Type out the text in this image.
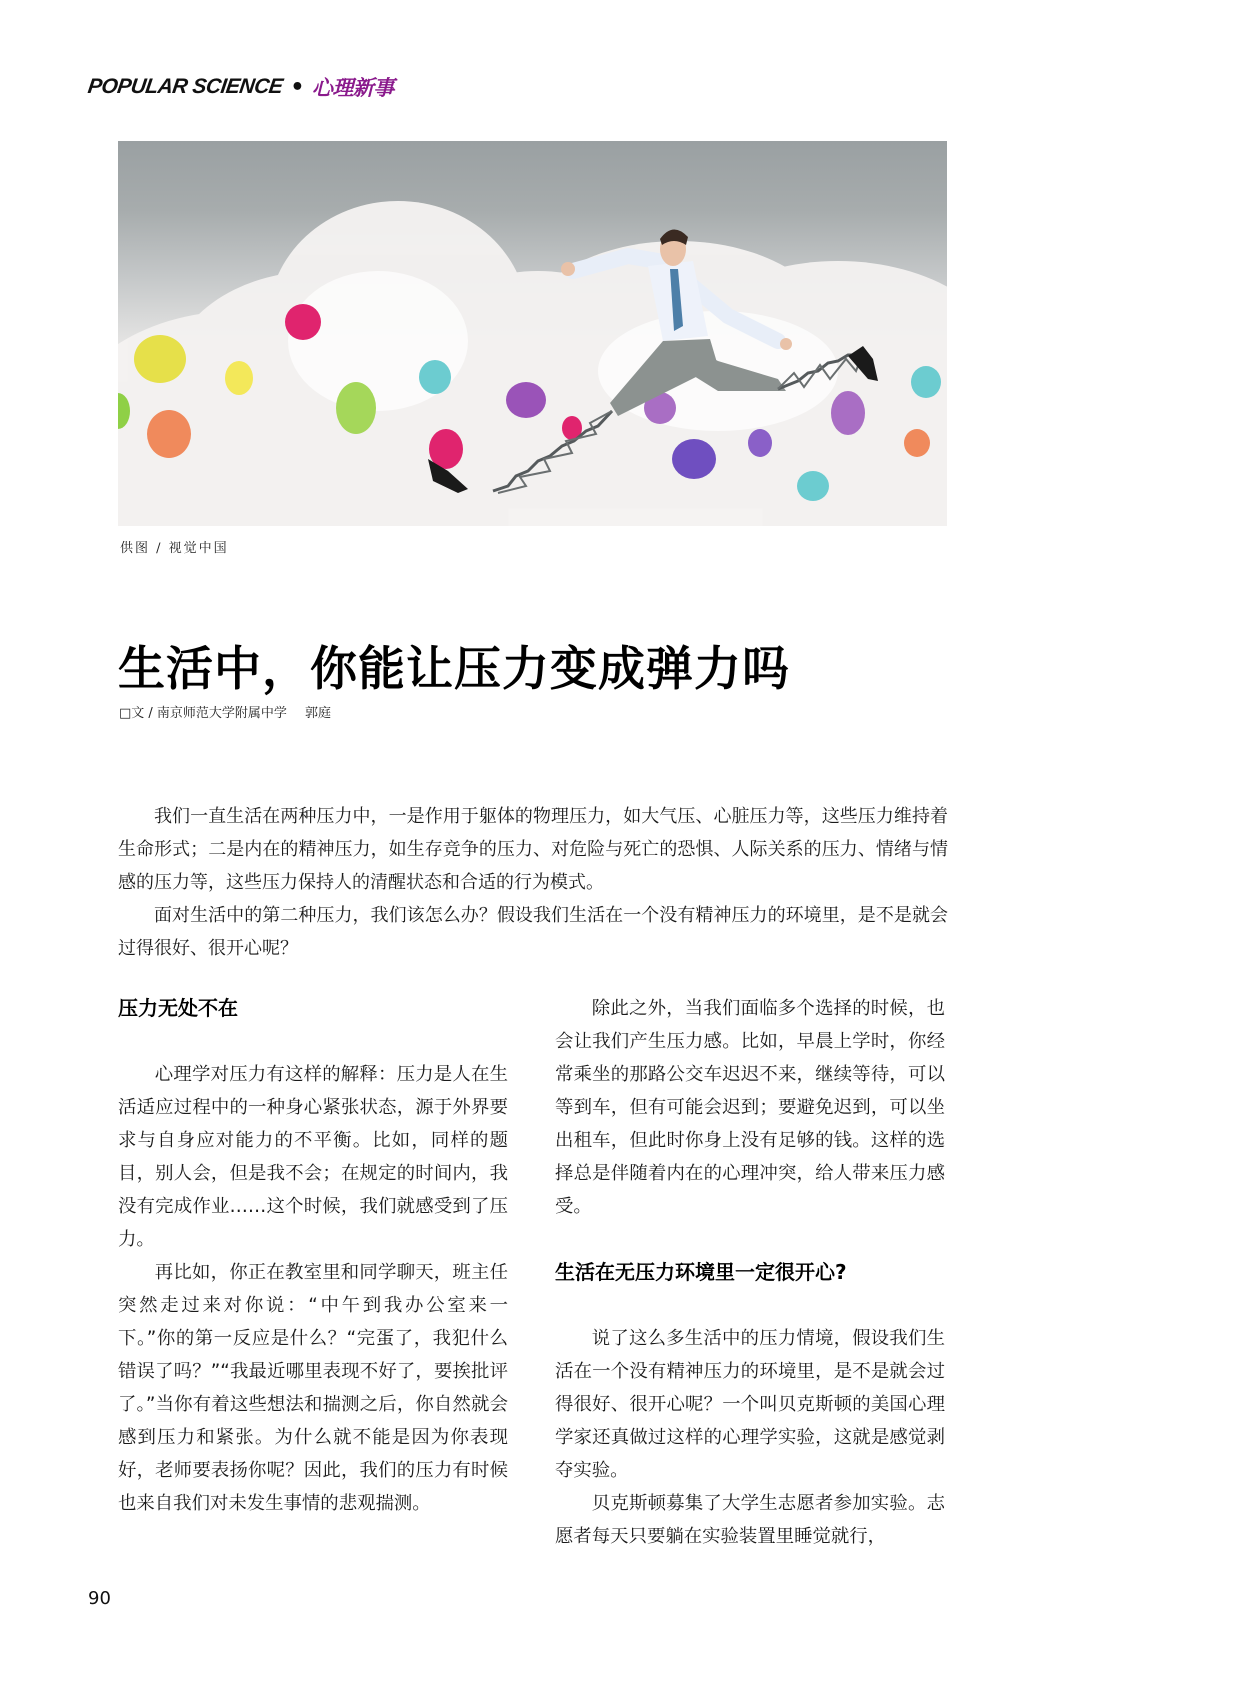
POPULAR SCIENCE • 心理新事
供图 / 视觉中国
生活中，你能让压力变成弹力吗
□文 / 南京师范大学附属中学 郭庭

我们一直生活在两种压力中，一是作用于躯体的物理压力，如大气压、心脏压力等，这些压力维持着生命形式；二是内在的精神压力，如生存竞争的压力、对危险与死亡的恐惧、人际关系的压力、情绪与情感的压力等，这些压力保持人的清醒状态和合适的行为模式。

面对生活中的第二种压力，我们该怎么办？假设我们生活在一个没有精神压力的环境里，是不是就会过得很好、很开心呢？

压力无处不在

心理学对压力有这样的解释：压力是人在生活适应过程中的一种身心紧张状态，源于外界要求与自身应对能力的不平衡。比如，同样的题目，别人会，但是我不会；在规定的时间内，我没有完成作业……这个时候，我们就感受到了压力。

再比如，你正在教室里和同学聊天，班主任突然走过来对你说：“中午到我办公室来一下。”你的第一反应是什么？“完蛋了，我犯什么错误了吗？”“我最近哪里表现不好了，要挨批评了。”当你有着这些想法和揣测之后，你自然就会感到压力和紧张。为什么就不能是因为你表现好，老师要表扬你呢？因此，我们的压力有时候也来自我们对未发生事情的悲观揣测。

除此之外，当我们面临多个选择的时候，也会让我们产生压力感。比如，早晨上学时，你经常乘坐的那路公交车迟迟不来，继续等待，可以等到车，但有可能会迟到；要避免迟到，可以坐出租车，但此时你身上没有足够的钱。这样的选择总是伴随着内在的心理冲突，给人带来压力感受。

生活在无压力环境里一定很开心?

说了这么多生活中的压力情境，假设我们生活在一个没有精神压力的环境里，是不是就会过得很好、很开心呢？一个叫贝克斯顿的美国心理学家还真做过这样的心理学实验，这就是感觉剥夺实验。

贝克斯顿募集了大学生志愿者参加实验。志愿者每天只要躺在实验装置里睡觉就行，

90
